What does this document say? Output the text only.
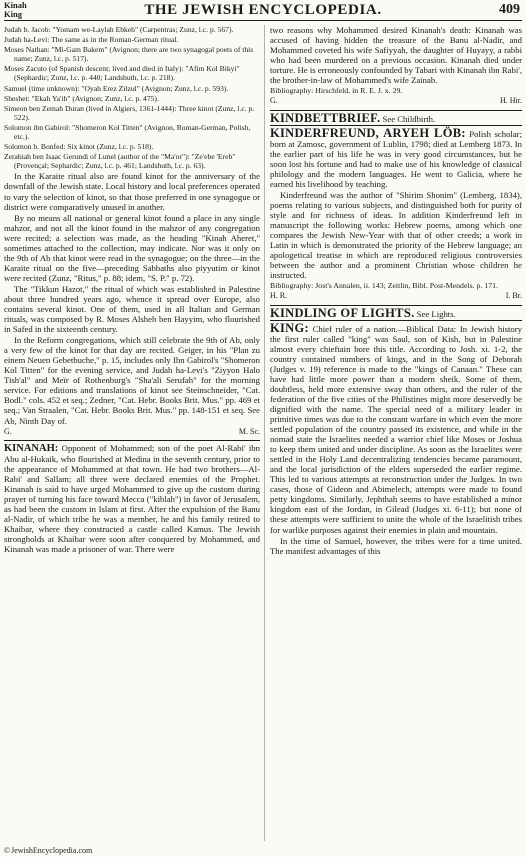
Kinah
King	THE JEWISH ENCYCLOPEDIA.	409

Judah b. Jacob: "Yomam we-Laylah Ebkeh" (Carpentras; Zunz, l.c. p. 567).

Judah ha-Levi: The same as in the Roman-German ritual.

Moses Nathan: "Mi-Gam Bakem" (Avignon; there are two synagogal poets of this name; Zunz, l.c. p. 517).

Moses Zacuto (of Spanish descent; lived and died in Italy): "Afim Kol Bikyi" (Sephardic; Zunz, l.c. p. 440; Landshuth, l.c. p. 218).

Samuel (time unknown): "Oyah Erez Zilzul" (Avignon; Zunz, l.c. p. 593).

Sheshet: "Ekah Ya'ib" (Avignon; Zunz, l.c. p. 475).

Simeon ben Zemah Duran (lived in Algiers, 1361-1444): Three kinot (Zunz, l.c. p. 522).

Solomon ibn Gabirol: "Shomeron Kol Titten" (Avignon, Roman-German, Polish, etc.).

Solomon b. Bonfed: Six kinot (Zunz, l.c. p. 518).

Zerahiah ben Isaac Gerundi of Lunel (author of the "Ma'or"): "Ze'ebe 'Ereb" (Provençal; Sephardic; Zunz, l.c. p. 461; Landshuth, l.c. p. 63).

In the Karaite ritual also are found kinot for the anniversary of the downfall of the Jewish state. Local history and local preferences operated to vary the selection of kinot, so that those preferred in one synagogue or district were comparatively unused in another.

By no means all national or general kinot found a place in any single mahzor, and not all the kinot found in the mahzor of any congregation were recited; a selection was made, as the heading "Kinah Aheret," sometimes attached to the collection, may indicate. Nor was it only on the 9th of Ab that kinot were read in the synagogue; on the three—in the Karaite ritual on the five—preceding Sabbaths also piyyutim or kinot were recited (Zunz, "Ritus," p. 88; idem, "S. P." p. 72).

The "Tikkun Hazot," the ritual of which was established in Palestine about three hundred years ago, whence it spread over Europe, also contains several kinot. One of them, used in all Italian and German rituals, was composed by R. Moses Alsheh ben Hayyim, who flourished in Safed in the sixteenth century.

In the Reform congregations, which still celebrate the 9th of Ab, only a very few of the kinot for that day are recited. Geiger, in his "Plan zu einem Neuen Gebetbuche," p. 15, includes only Ibn Gabirol's "Shomeron Kol Titten" for the evening service, and Judah ha-Levi's "Ziyyon Halo Tish'al" and Meïr of Rothenburg's "Sha'ali Serufah" for the morning service. For editions and translations of kinot see Steinschneider, "Cat. Bodl." cols. 452 et seq.; Zedner, "Cat. Hebr. Books Brit. Mus." pp. 469 et seq.; Van Straalen, "Cat. Hebr. Books Brit. Mus." pp. 148-151 et seq. See Ab, Ninth Day of.

G.	M. Sc.

KINANAH: Opponent of Mohammed; son of the poet Al-Rabi' ibn Abu al-Hukaik, who flourished at Medina in the seventh century, prior to the appearance of Mohammed at that town. He had two brothers—Al-Rabi' and Sallam; all three were declared enemies of the Prophet. Kinanah is said to have urged Mohammed to give up the custom during prayer of turning his face toward Mecca ("kiblah") in favor of Jerusalem, as had been the custom in Islam at first. After the expulsion of the Banu al-Nadir, of which tribe he was a member, he and his family retired to Khaibar, where they constructed a castle called Kamus. The Jewish strongholds at Khaibar were soon after conquered by Mohammed, and Kinanah was made a prisoner of war. There were

two reasons why Mohammed desired Kinanah's death: Kinanah was accused of having hidden the treasure of the Banu al-Nadir, and Mohammed coveted his wife Safiyyah, the daughter of Huyayy, a rabbi who had been murdered on a previous occasion. Kinanah died under torture. He is erroneously confounded by Tabari with Kinanah ibn Rabi', the brother-in-law of Mohammed's wife Zainab.

Bibliography: Hirschfeld, in R. E. J. x. 29.

G.	H. Hir.

KINDBETTBRIEF. See Childbirth.

KINDERFREUND, ARYEH LÖB: Polish scholar; born at Zamosc, government of Lublin, 1798; died at Lemberg 1873. In the earlier part of his life he was in very good circumstances, but he soon lost his fortune and had to make use of his knowledge of classical philology and the modern languages. He went to Galicia, where he earned his livelihood by teaching.

Kinderfreund was the author of "Shirim Shonim" (Lemberg, 1834), poems relating to various subjects, and distinguished both for purity of style and for richness of ideas. In addition Kinderfreund left in manuscript the following works: Hebrew poems, among which one compares the Jewish New-Year with that of other creeds; a work in Latin in which is demonstrated the priority of the Hebrew language; an apologetical treatise in which are reproduced religious controversies between the author and a prominent Christian whose children he instructed.

Bibliography: Jost's Annalen, ii. 143; Zeitlin, Bibl. Post-Mendels. p. 171.

H. R.	I. Br.

KINDLING OF LIGHTS. See Lights.

KING: Chief ruler of a nation.—Biblical Data: In Jewish history the first ruler called "king" was Saul, son of Kish, but in Palestine almost every chieftain bore this title. According to Josh. xi. 1-2, the country contained numbers of kings, and in the Song of Deborah (Judges v. 19) reference is made to the "kings of Canaan." These can have had little more power than a modern sheik. Some of them, doubtless, held more extensive sway than others, and the ruler of the federation of the five cities of the Philistines might more deservedly be dignified with the name. The special need of a military leader in primitive times was due to the constant warfare in which even the more settled population of the country passed its existence, and while in the nomad state the Israelites needed a warrior chief like Moses or Joshua to keep them united and under discipline. As soon as the Israelites were settled in the Holy Land decentralizing tendencies became paramount, and the local jurisdiction of the elders superseded the earlier regime. This led to various attempts at reconstruction under the Judges. In two cases, those of Gideon and Abimelech, attempts were made to found petty kingdoms. Similarly, Jephthah seems to have established a minor kingdom east of the Jordan, in Gilead (Judges xi. 6-11); but none of these attempts were sufficient to unite the whole of the Israelitish tribes for warlike purposes against their enemies in plain and mountain.

In the time of Samuel, however, the tribes were for a time united. The manifest advantages of this

©JewishEncyclopedia.com
